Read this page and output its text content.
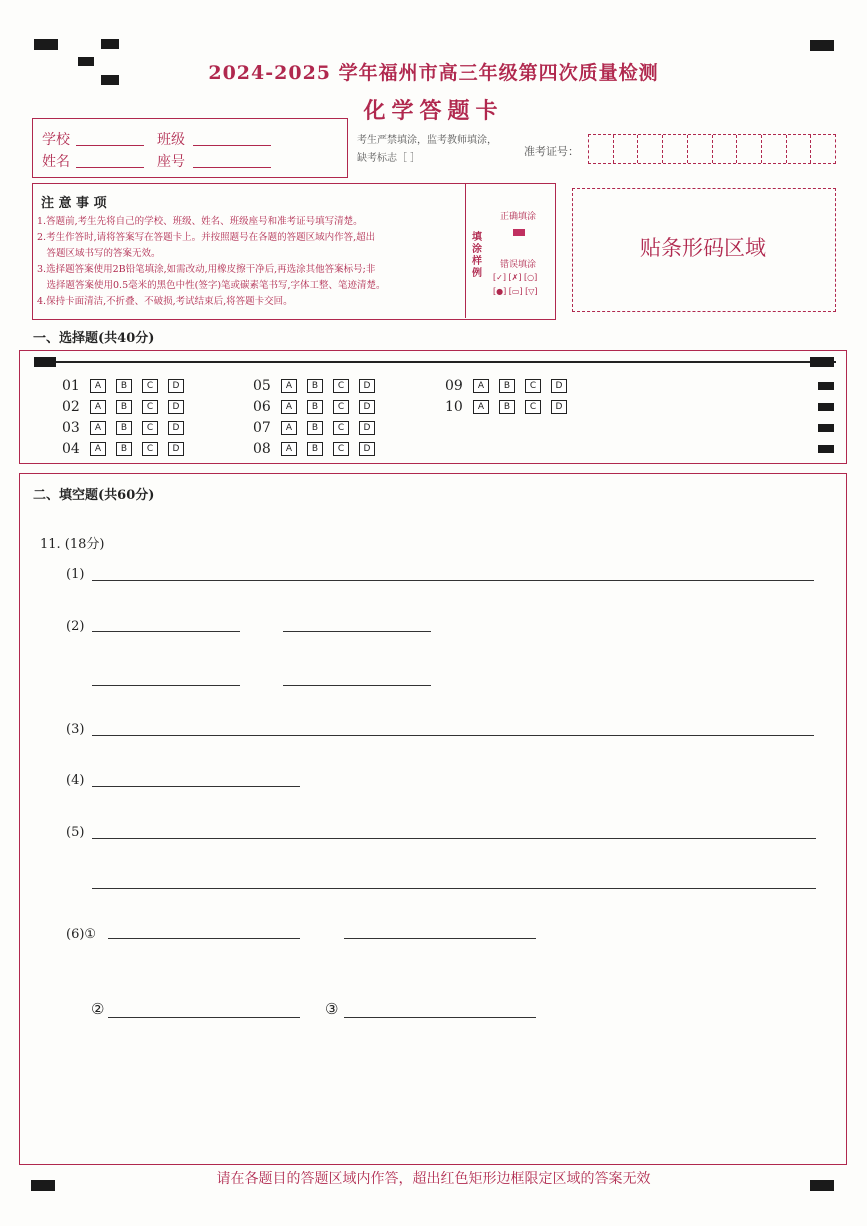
2024-2025 学年福州市高三年级第四次质量检测
化学答题卡
学校	班级
姓名	座号
考生严禁填涂，监考教师填涂，
缺考标志［ ］
准考证号：
注 意 事 项
1.答题前,考生先将自己的学校、班级、姓名、班级座号和准考证号填写清楚。
2.考生作答时,请将答案写在答题卡上。并按照题号在各题的答题区域内作答,超出
　答题区域书写的答案无效。
3.选择题答案使用2B铅笔填涂,如需改动,用橡皮擦干净后,再选涂其他答案标号;非
　选择题答案使用0.5毫米的黑色中性(签字)笔或碳素笔书写,字体工整、笔迹清楚。
4.保持卡面清洁,不折叠、不破损,考试结束后,将答题卡交回。
填涂样例
正确填涂
错误填涂
[✓] [✗] [○]
[●] [▭] [▽]
贴条形码区域
一、选择题(共40分)
01	A	B	C	D
02	A	B	C	D
03	A	B	C	D
04	A	B	C	D
05	A	B	C	D
06	A	B	C	D
07	A	B	C	D
08	A	B	C	D
09	A	B	C	D
10	A	B	C	D
二、填空题(共60分)
11. (18分)
(1)
(2)
(3)
(4)
(5)
(6)①
②	③
请在各题目的答题区域内作答，超出红色矩形边框限定区域的答案无效
